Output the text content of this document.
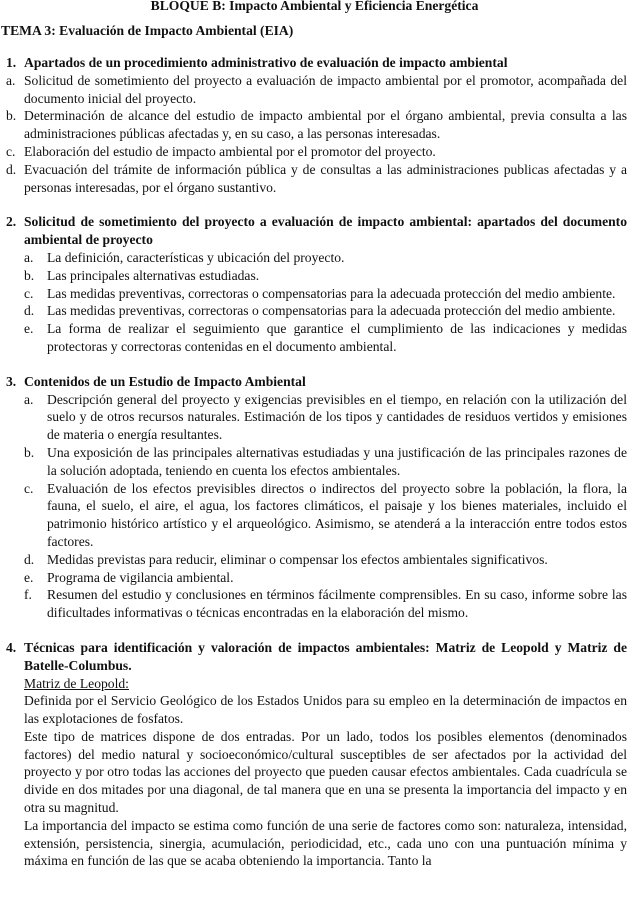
BLOQUE B: Impacto Ambiental y Eficiencia Energética
TEMA 3: Evaluación de Impacto Ambiental (EIA)
1. Apartados de un procedimiento administrativo de evaluación de impacto ambiental
a. Solicitud de sometimiento del proyecto a evaluación de impacto ambiental por el promotor, acompañada del documento inicial del proyecto.
b. Determinación de alcance del estudio de impacto ambiental por el órgano ambiental, previa consulta a las administraciones públicas afectadas y, en su caso, a las personas interesadas.
c. Elaboración del estudio de impacto ambiental por el promotor del proyecto.
d. Evacuación del trámite de información pública y de consultas a las administraciones publicas afectadas y a personas interesadas, por el órgano sustantivo.
2. Solicitud de sometimiento del proyecto a evaluación de impacto ambiental: apartados del documento ambiental de proyecto
a. La definición, características y ubicación del proyecto.
b. Las principales alternativas estudiadas.
c. Las medidas preventivas, correctoras o compensatorias para la adecuada protección del medio ambiente.
d. Las medidas preventivas, correctoras o compensatorias para la adecuada protección del medio ambiente.
e. La forma de realizar el seguimiento que garantice el cumplimiento de las indicaciones y medidas protectoras y correctoras contenidas en el documento ambiental.
3. Contenidos de un Estudio de Impacto Ambiental
a. Descripción general del proyecto y exigencias previsibles en el tiempo, en relación con la utilización del suelo y de otros recursos naturales. Estimación de los tipos y cantidades de residuos vertidos y emisiones de materia o energía resultantes.
b. Una exposición de las principales alternativas estudiadas y una justificación de las principales razones de la solución adoptada, teniendo en cuenta los efectos ambientales.
c. Evaluación de los efectos previsibles directos o indirectos del proyecto sobre la población, la flora, la fauna, el suelo, el aire, el agua, los factores climáticos, el paisaje y los bienes materiales, incluido el patrimonio histórico artístico y el arqueológico. Asimismo, se atenderá a la interacción entre todos estos factores.
d. Medidas previstas para reducir, eliminar o compensar los efectos ambientales significativos.
e. Programa de vigilancia ambiental.
f.	Resumen del estudio y conclusiones en términos fácilmente comprensibles. En su caso, informe sobre las dificultades informativas o técnicas encontradas en la elaboración del mismo.
4. Técnicas para identificación y valoración de impactos ambientales: Matriz de Leopold y Matriz de Batelle-Columbus.
Matriz de Leopold:
Definida por el Servicio Geológico de los Estados Unidos para su empleo en la determinación de impactos en las explotaciones de fosfatos.
Este tipo de matrices dispone de dos entradas. Por un lado, todos los posibles elementos (denominados factores) del medio natural y socioeconómico/cultural susceptibles de ser afectados por la actividad del proyecto y por otro todas las acciones del proyecto que pueden causar efectos ambientales. Cada cuadrícula se divide en dos mitades por una diagonal, de tal manera que en una se presenta la importancia del impacto y en otra su magnitud.
La importancia del impacto se estima como función de una serie de factores como son: naturaleza, intensidad, extensión, persistencia, sinergia, acumulación, periodicidad, etc., cada uno con una puntuación mínima y máxima en función de las que se acaba obteniendo la importancia. Tanto la
